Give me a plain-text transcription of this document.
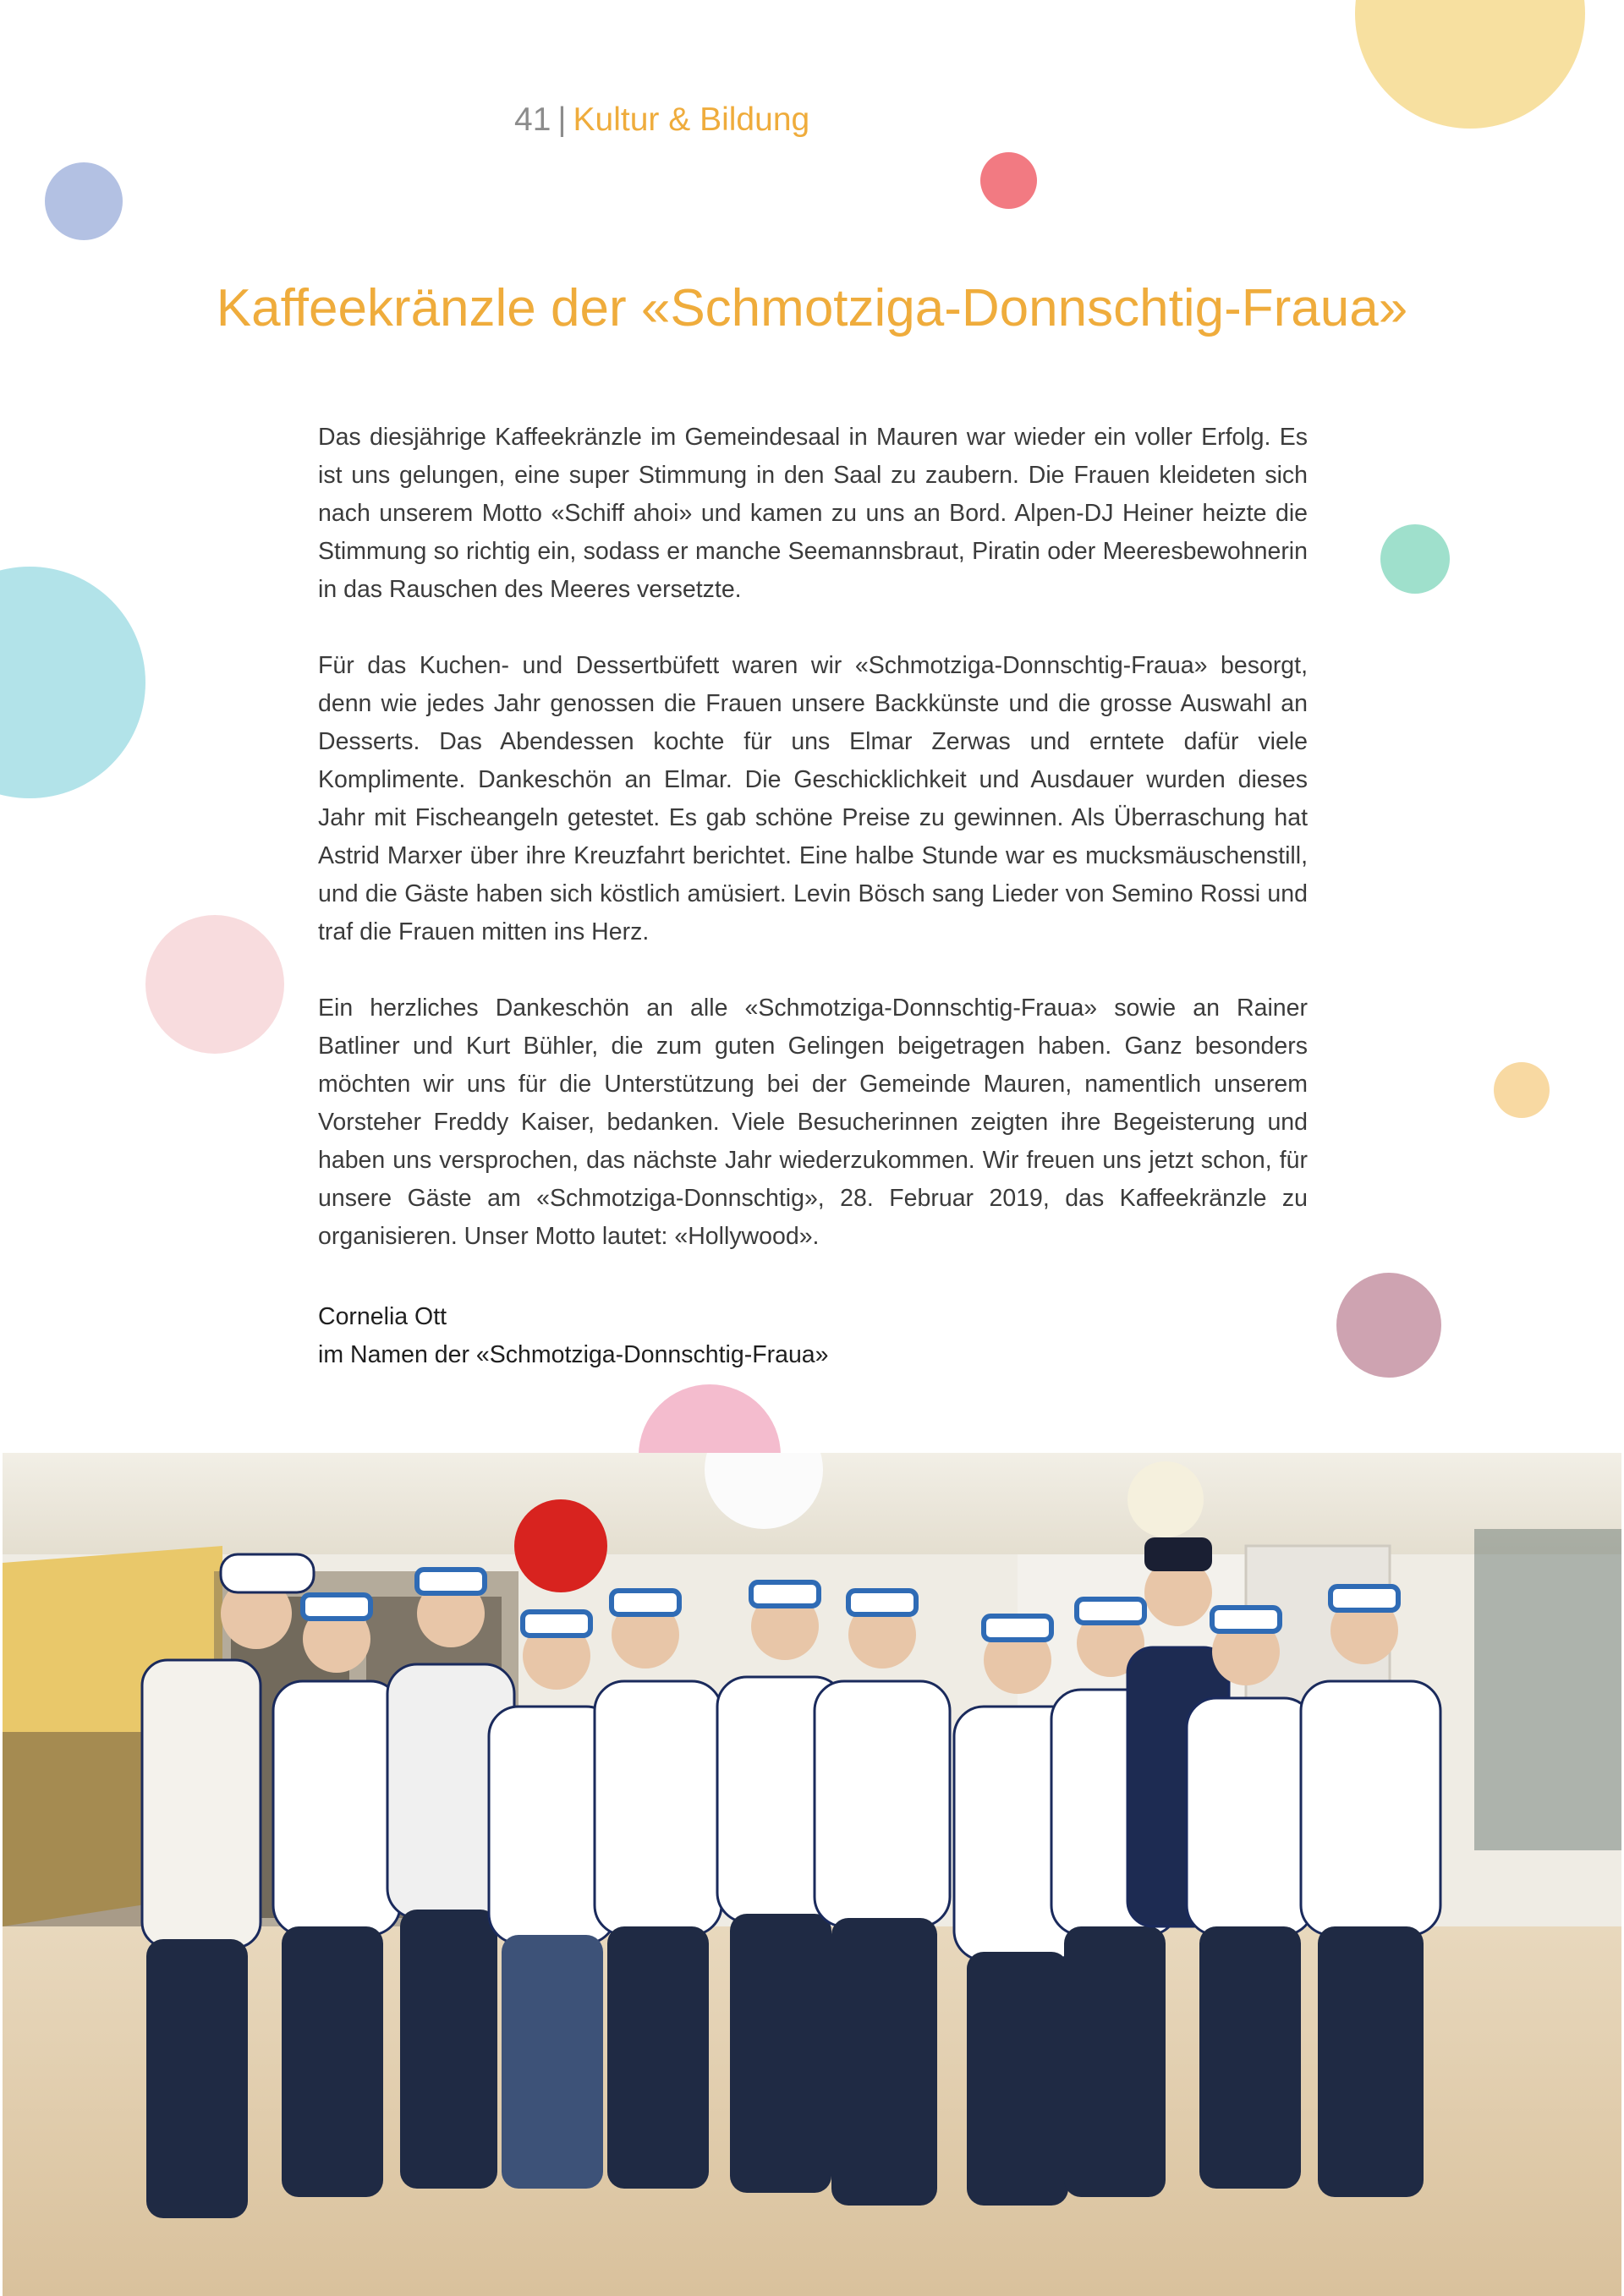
41 | Kultur & Bildung
Kaffeekränzle der «Schmotziga-Donnschtig-Fraua»

Das diesjährige Kaffeekränzle im Gemeindesaal in Mauren war wieder ein voller Erfolg. Es ist uns gelungen, eine super Stimmung in den Saal zu zaubern. Die Frauen kleideten sich nach unserem Motto «Schiff ahoi» und kamen zu uns an Bord. Alpen-DJ Heiner heizte die Stimmung so richtig ein, sodass er manche Seemannsbraut, Piratin oder Meeresbewohnerin in das Rauschen des Meeres versetzte.

Für das Kuchen- und Dessertbüfett waren wir «Schmotziga-Donnschtig-Fraua» besorgt, denn wie jedes Jahr genossen die Frauen unsere Backkünste und die grosse Auswahl an Desserts. Das Abendessen kochte für uns Elmar Zerwas und erntete dafür viele Komplimente. Dankeschön an Elmar. Die Geschicklichkeit und Ausdauer wurden dieses Jahr mit Fischeangeln getestet. Es gab schöne Preise zu gewinnen. Als Überraschung hat Astrid Marxer über ihre Kreuzfahrt berichtet. Eine halbe Stunde war es mucksmäuschenstill, und die Gäste haben sich köstlich amüsiert. Levin Bösch sang Lieder von Semino Rossi und traf die Frauen mitten ins Herz.

Ein herzliches Dankeschön an alle «Schmotziga-Donnschtig-Fraua» sowie an Rainer Batliner und Kurt Bühler, die zum guten Gelingen beigetragen haben. Ganz besonders möchten wir uns für die Unterstützung bei der Gemeinde Mauren, namentlich unserem Vorsteher Freddy Kaiser, bedanken. Viele Besucherinnen zeigten ihre Begeisterung und haben uns versprochen, das nächste Jahr wiederzukommen. Wir freuen uns jetzt schon, für unsere Gäste am «Schmotziga-Donnschtig», 28. Februar 2019, das Kaffeekränzle zu organisieren. Unser Motto lautet: «Hollywood».

Cornelia Ott
im Namen der «Schmotziga-Donnschtig-Fraua»
